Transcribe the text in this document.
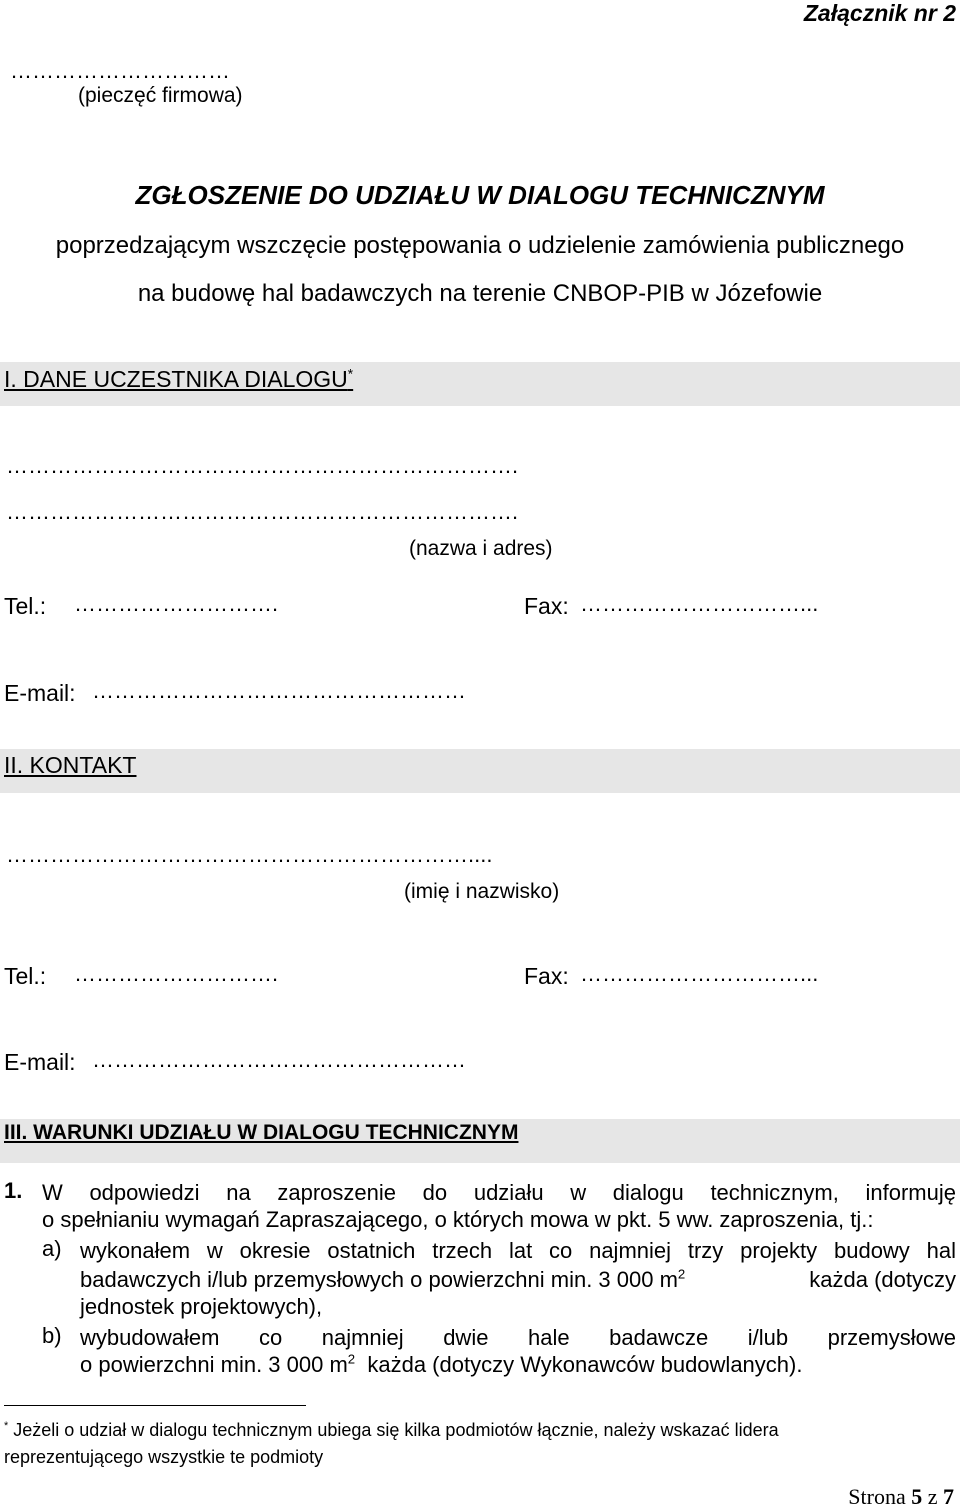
Załącznik nr 2
…………………………
(pieczęć firmowa)
ZGŁOSZENIE DO UDZIAŁU W DIALOGU TECHNICZNYM
poprzedzającym wszczęcie postępowania o udzielenie zamówienia publicznego
na budowę hal badawczych na terenie CNBOP-PIB w Józefowie
I. DANE UCZESTNIKA DIALOGU*
…………………………………………………………….
…………………………………………………………….
(nazwa i adres)
Tel.: ……………………….	Fax: …………………………...
E-mail: ……………………………………………
II. KONTAKT
………………………………………………………....
(imię i nazwisko)
Tel.: ……………………….	Fax: …………………………...
E-mail: ……………………………………………
III. WARUNKI UDZIAŁU W DIALOGU TECHNICZNYM
1. W odpowiedzi na zaproszenie do udziału w dialogu technicznym, informuję
o spełnianiu wymagań Zapraszającego, o których mowa w pkt. 5 ww. zaproszenia, tj.:
a) wykonałem w okresie ostatnich trzech lat co najmniej trzy projekty budowy hal
badawczych i/lub przemysłowych o powierzchni min. 3 000 $m^2$	każda (dotyczy
jednostek projektowych),
b) wybudowałem co najmniej dwie hale badawcze i/lub przemysłowe
o powierzchni min. 3 000 $m^2$  każda (dotyczy Wykonawców budowlanych).
* Jeżeli o udział w dialogu technicznym ubiega się kilka podmiotów łącznie, należy wskazać lidera
reprezentującego wszystkie te podmioty
Strona 5 z 7
